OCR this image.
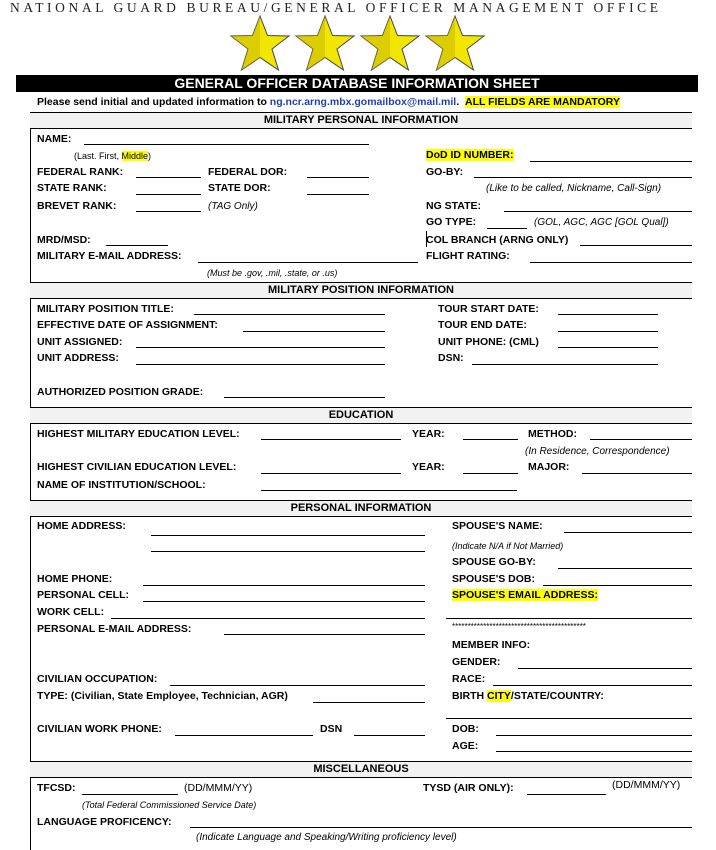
NATIONAL GUARD BUREAU/GENERAL OFFICER MANAGEMENT OFFICE
GENERAL OFFICER DATABASE INFORMATION SHEET
Please send initial and updated information to ng.ncr.arng.mbx.gomailbox@mail.mil. ALL FIELDS ARE MANDATORY
MILITARY PERSONAL INFORMATION
NAME:
(Last. First, Middle)	DoD ID NUMBER:
FEDERAL RANK:	FEDERAL DOR:	GO-BY:
STATE RANK:	STATE DOR:	(Like to be called, Nickname, Call-Sign)
BREVET RANK:	(TAG Only)	NG STATE:
GO TYPE:	(GOL, AGC, AGC [GOL Qual])
MRD/MSD:	COL BRANCH (ARNG ONLY)
MILITARY E-MAIL ADDRESS:	FLIGHT RATING:
(Must be .gov, .mil, .state, or .us)
MILITARY POSITION INFORMATION
MILITARY POSITION TITLE:	TOUR START DATE:
EFFECTIVE DATE OF ASSIGNMENT:	TOUR END DATE:
UNIT ASSIGNED:	UNIT PHONE: (CML)
UNIT ADDRESS:	DSN:
AUTHORIZED POSITION GRADE:
EDUCATION
HIGHEST MILITARY EDUCATION LEVEL:	YEAR:	METHOD:
(In Residence, Correspondence)
HIGHEST CIVILIAN EDUCATION LEVEL:	YEAR:	MAJOR:
NAME OF INSTITUTION/SCHOOL:
PERSONAL INFORMATION
HOME ADDRESS:	SPOUSE'S NAME:
(Indicate N/A if Not Married)
SPOUSE GO-BY:
HOME PHONE:	SPOUSE'S DOB:
PERSONAL CELL:	SPOUSE'S EMAIL ADDRESS:
WORK CELL:
PERSONAL E-MAIL ADDRESS:	*******************************************
MEMBER INFO:
GENDER:
CIVILIAN OCCUPATION:	RACE:
TYPE: (Civilian, State Employee, Technician, AGR)	BIRTH CITY/STATE/COUNTRY:
CIVILIAN WORK PHONE:	DSN	DOB:
AGE:
MISCELLANEOUS
TFCSD:	(DD/MMM/YY)	TYSD (AIR ONLY):	(DD/MMM/YY)
(Total Federal Commissioned Service Date)
LANGUAGE PROFICENCY:
(Indicate Language and Speaking/Writing proficiency level)
